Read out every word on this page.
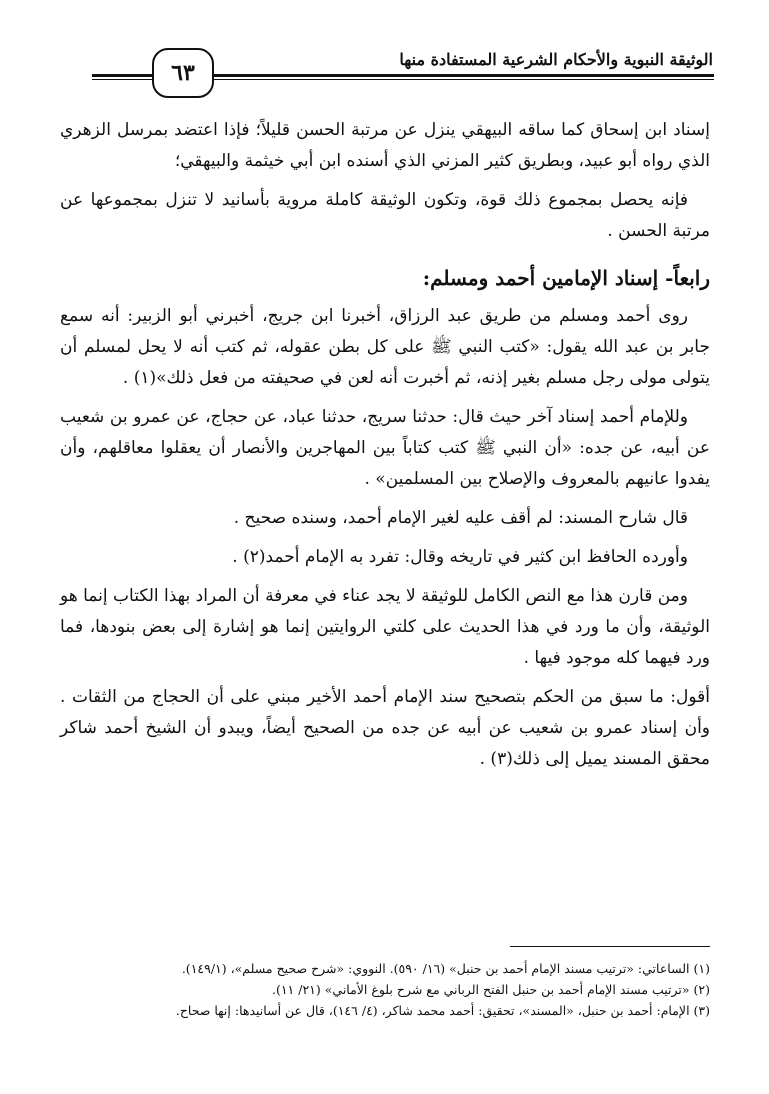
٦٣
الوثيقة النبوية والأحكام الشرعية المستفادة منها

إسناد ابن إسحاق كما ساقه البيهقي ينزل عن مرتبة الحسن قليلاً؛ فإذا اعتضد بمرسل الزهري الذي رواه أبو عبيد، وبطريق كثير المزني الذي أسنده ابن أبي خيثمة والبيهقي؛

فإنه يحصل بمجموع ذلك قوة، وتكون الوثيقة كاملة مروية بأسانيد لا تنزل بمجموعها عن مرتبة الحسن .

رابعاً- إسناد الإمامين أحمد ومسلم:

روى أحمد ومسلم من طريق عبد الرزاق، أخبرنا ابن جريج، أخبرني أبو الزبير: أنه سمع جابر بن عبد الله يقول: «كتب النبي ﷺ على كل بطن عقوله، ثم كتب أنه لا يحل لمسلم أن يتولى مولى رجل مسلم بغير إذنه، ثم أخبرت أنه لعن في صحيفته من فعل ذلك»(١) .

وللإمام أحمد إسناد آخر حيث قال: حدثنا سريج، حدثنا عباد، عن حجاج، عن عمرو بن شعيب عن أبيه، عن جده: «أن النبي ﷺ كتب كتاباً بين المهاجرين والأنصار أن يعقلوا معاقلهم، وأن يفدوا عانيهم بالمعروف والإصلاح بين المسلمين» .

قال شارح المسند: لم أقف عليه لغير الإمام أحمد، وسنده صحيح .

وأورده الحافظ ابن كثير في تاريخه وقال: تفرد به الإمام أحمد(٢) .

ومن قارن هذا مع النص الكامل للوثيقة لا يجد عناء في معرفة أن المراد بهذا الكتاب إنما هو الوثيقة، وأن ما ورد في هذا الحديث على كلتي الروايتين إنما هو إشارة إلى بعض بنودها، فما ورد فيهما كله موجود فيها .

أقول: ما سبق من الحكم بتصحيح سند الإمام أحمد الأخير مبني على أن الحجاج من الثقات . وأن إسناد عمرو بن شعيب عن أبيه عن جده من الصحيح أيضاً، ويبدو أن الشيخ أحمد شاكر محقق المسند يميل إلى ذلك(٣) .

(١) الساعاتي: «ترتيب مسند الإمام أحمد بن حنبل» (١٦/ ٥٩٠). النووي: «شرح صحيح مسلم»، (١٤٩/١).
(٢) «ترتيب مسند الإمام أحمد بن حنبل الفتح الرباني مع شرح بلوغ الأماني» (٢١/ ١١).
(٣) الإمام: أحمد بن حنبل، «المسند»، تحقيق: أحمد محمد شاكر، (٤/ ١٤٦)، قال عن أسانيدها: إنها صحاح.
